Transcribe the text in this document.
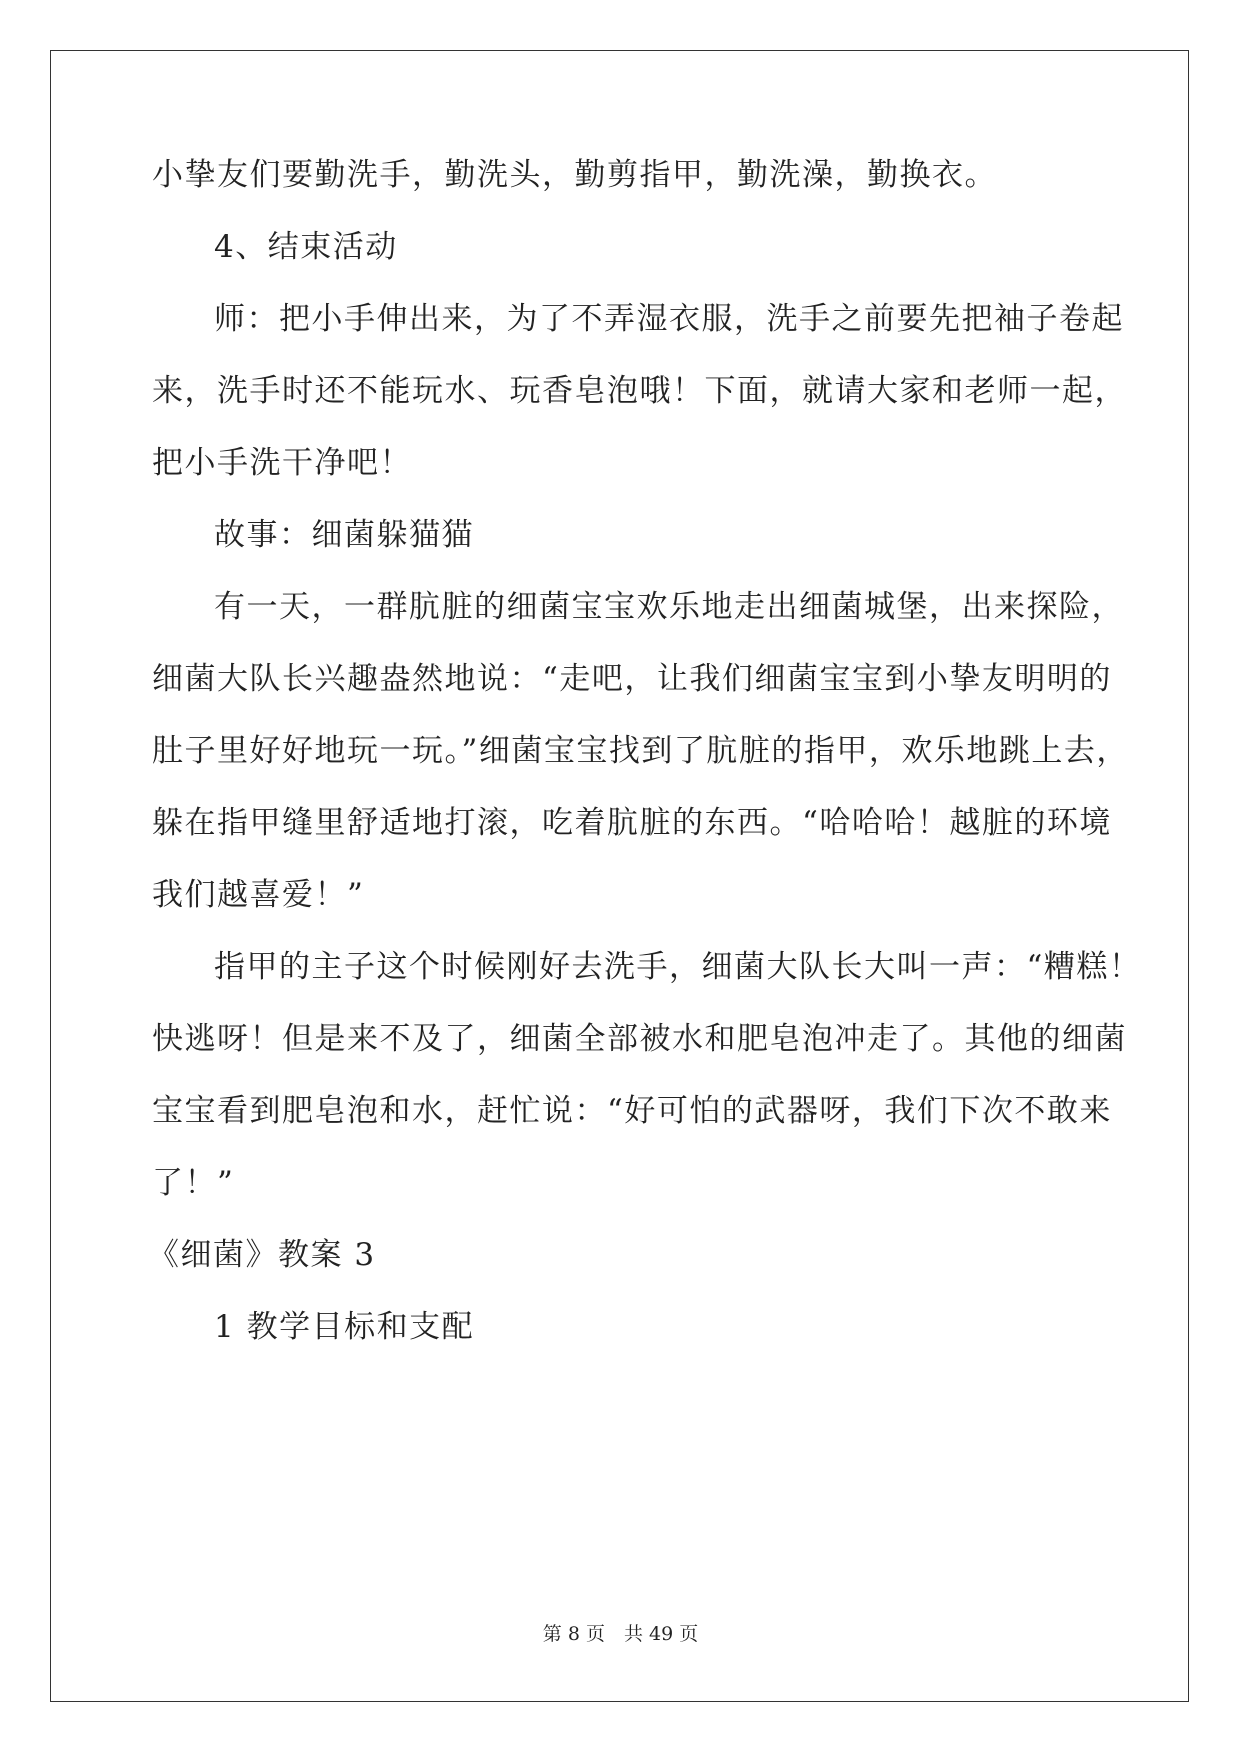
小挚友们要勤洗手，勤洗头，勤剪指甲，勤洗澡，勤换衣。
4、结束活动
师：把小手伸出来，为了不弄湿衣服，洗手之前要先把袖子卷起
来，洗手时还不能玩水、玩香皂泡哦！下面，就请大家和老师一起，
把小手洗干净吧！
故事：细菌躲猫猫
有一天，一群肮脏的细菌宝宝欢乐地走出细菌城堡，出来探险，
细菌大队长兴趣盎然地说：“走吧，让我们细菌宝宝到小挚友明明的
肚子里好好地玩一玩。”细菌宝宝找到了肮脏的指甲，欢乐地跳上去，
躲在指甲缝里舒适地打滚，吃着肮脏的东西。“哈哈哈！越脏的环境
我们越喜爱！”
指甲的主子这个时候刚好去洗手，细菌大队长大叫一声：“糟糕！
快逃呀！但是来不及了，细菌全部被水和肥皂泡冲走了。其他的细菌
宝宝看到肥皂泡和水，赶忙说：“好可怕的武器呀，我们下次不敢来
了！”
《细菌》教案 3
1 教学目标和支配
第 8 页　共 49 页
